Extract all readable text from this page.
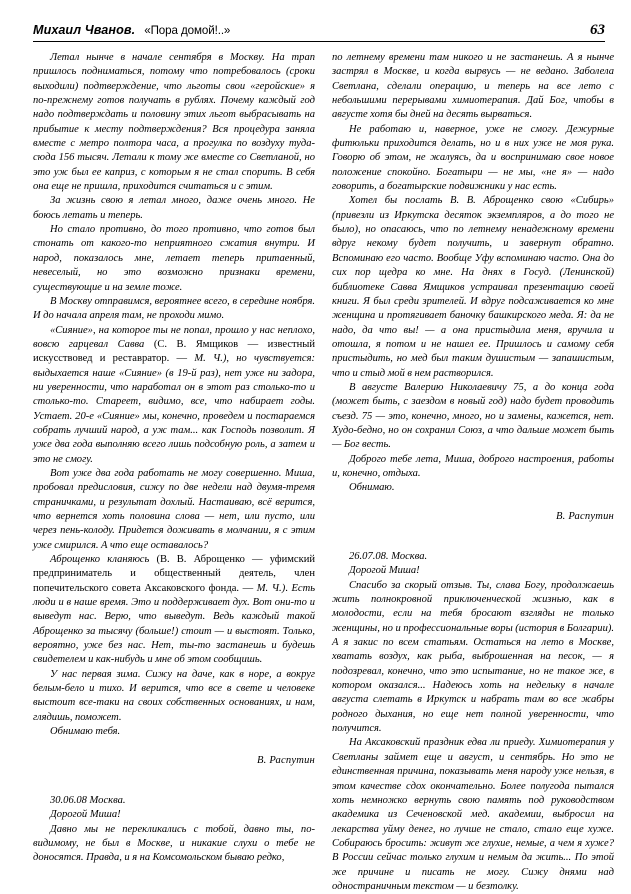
Михаил Чванов. «Пора домой!..»	63

Летал нынче в начале сентября в Москву. На трап пришлось подниматься, потому что потребовалось (сроки выходили) подтверждение, что льготы свои «геройские» я по-прежнему готов получать в рублях. Почему каждый год надо подтверждать и половину этих льгот выбрасывать на прибытие к месту подтверждения? Вся процедура заняла вместе с метро полтора часа, а прогулка по воздуху туда-сюда 156 тысяч. Летали к тому же вместе со Светланой, но это уж был ее каприз, с которым я не стал спорить. В себя она еще не пришла, приходится считаться и с этим.

За жизнь свою я летал много, даже очень много. Не боюсь летать и теперь.

Но стало противно, до того противно, что готов был стонать от какого-то неприятного сжатия внутри. И народ, показалось мне, летает теперь притаенный, невеселый, но это возможно признаки времени, существующие и на земле тоже.

В Москву отправимся, вероятнее всего, в середине ноября. И до начала апреля там, не проходи мимо.

«Сияние», на которое ты не попал, прошло у нас неплохо, вовсю гарцевал Савва (С. В. Ямщиков — известный искусствовед и реставратор. — М. Ч.), но чувствуется: выдыхается наше «Сияние» (в 19-й раз), нет уже ни задора, ни уверенности, что наработал он в этот раз столько-то и столько-то. Стареет, видимо, все, что набирает годы. Устает. 20-е «Сияние» мы, конечно, проведем и постараемся собрать лучший народ, а уж там... как Господь позволит. Я уже два года выполняю всего лишь подсобную роль, а затем и это не смогу.

Вот уже два года работать не могу совершенно. Миша, пробовал предисловия, сижу по две недели над двумя-тремя страничками, и результат дохлый. Настаиваю, всё верится, что вернется хоть половина слова — нет, или пусто, или через пень-колоду. Придется доживать в молчании, я с этим уже смирился. А что еще оставалось?

Аброщенко кланяюсь (В. В. Аброщенко — уфимский предприниматель и общественный деятель, член попечительского совета Аксаковского фонда. — М. Ч.). Есть люди и в наше время. Это и поддерживает дух. Вот они-то и выведут нас. Верю, что выведут. Ведь каждый такой Аброщенко за тысячу (больше!) стоит — и выстоят. Только, вероятно, уже без нас. Нет, ты-то застанешь и будешь свидетелем и как-нибудь и мне об этом сообщишь.

У нас первая зима. Сижу на даче, как в норе, а вокруг белым-бело и тихо. И верится, что все в свете и человеке выстоит все-таки на своих собственных основаниях, и нам, глядишь, поможет.

Обнимаю тебя.

В. Распутин

30.06.08 Москва.

Дорогой Миша!

Давно мы не перекликались с тобой, давно ты, по-видимому, не был в Москве, и никакие слухи о тебе не доносятся. Правда, и я на Комсомольском бываю редко,

по летнему времени там никого и не застанешь. А я нынче застрял в Москве, и когда вырвусь — не ведано. Заболела Светлана, сделали операцию, и теперь на все лето с небольшими перерывами химиотерапия. Дай Бог, чтобы в августе хотя бы дней на десять вырваться.

Не работаю и, наверное, уже не смогу. Дежурные фитюльки приходится делать, но и в них уже не моя рука. Говорю об этом, не жалуясь, да и воспринимаю свое новое положение спокойно. Богатыри — не мы, «не я» — надо говорить, а богатырские подвижники у нас есть.

Хотел бы послать В. В. Аброщенко свою «Сибирь» (привезли из Иркутска десяток экземпляров, а до того не было), но опасаюсь, что по летнему ненадежному времени вдруг некому будет получить, и завернут обратно. Вспоминаю его часто. Вообще Уфу вспоминаю часто. Она до сих пор щедра ко мне. На днях в Госуд. (Ленинской) библиотеке Савва Ямщиков устраивал презентацию своей книги. Я был среди зрителей. И вдруг подсаживается ко мне женщина и протягивает баночку башкирского меда. Я: да не надо, да что вы! — а она пристыдила меня, вручила и отошла, я потом и не нашел ее. Пришлось и самому себя пристыдить, но мед был таким душистым — запашистым, что и стыд мой в нем растворился.

В августе Валерию Николаевичу 75, а до конца года (может быть, с заездом в новый год) надо будет проводить съезд. 75 — это, конечно, много, но и замены, кажется, нет. Худо-бедно, но он сохранил Союз, а что дальше может быть — Бог весть.

Доброго тебе лета, Миша, доброго настроения, работы и, конечно, отдыха.

Обнимаю.

В. Распутин

26.07.08. Москва.

Дорогой Миша!

Спасибо за скорый отзыв. Ты, слава Богу, продолжаешь жить полнокровной приключенческой жизнью, как в молодости, если на тебя бросают взгляды не только женщины, но и профессиональные воры (история в Болгарии). А я закис по всем статьям. Остаться на лето в Москве, хватать воздух, как рыба, выброшенная на песок, — я подозревал, конечно, что это испытание, но не такое же, в котором оказался... Надеюсь хоть на недельку в начале августа слетать в Иркутск и набрать там во все жабры родного дыхания, но еще нет полной уверенности, что получится.

На Аксаковский праздник едва ли приеду. Химиотерапия у Светланы займет еще и август, и сентябрь. Но это не единственная причина, показывать меня народу уже нельзя, в этом качестве сдох окончательно. Более полугода пытался хоть немножко вернуть свою память под руководством академика из Сеченовской мед. академии, выбросил на лекарства уйму денег, но лучше не стало, стало еще хуже. Собираюсь бросить: живут же глухие, немые, а чем я хуже? В России сейчас только глухим и немым да жить... По этой же причине и писать не могу. Сижу днями над одностраничным текстом — и безтолку.
